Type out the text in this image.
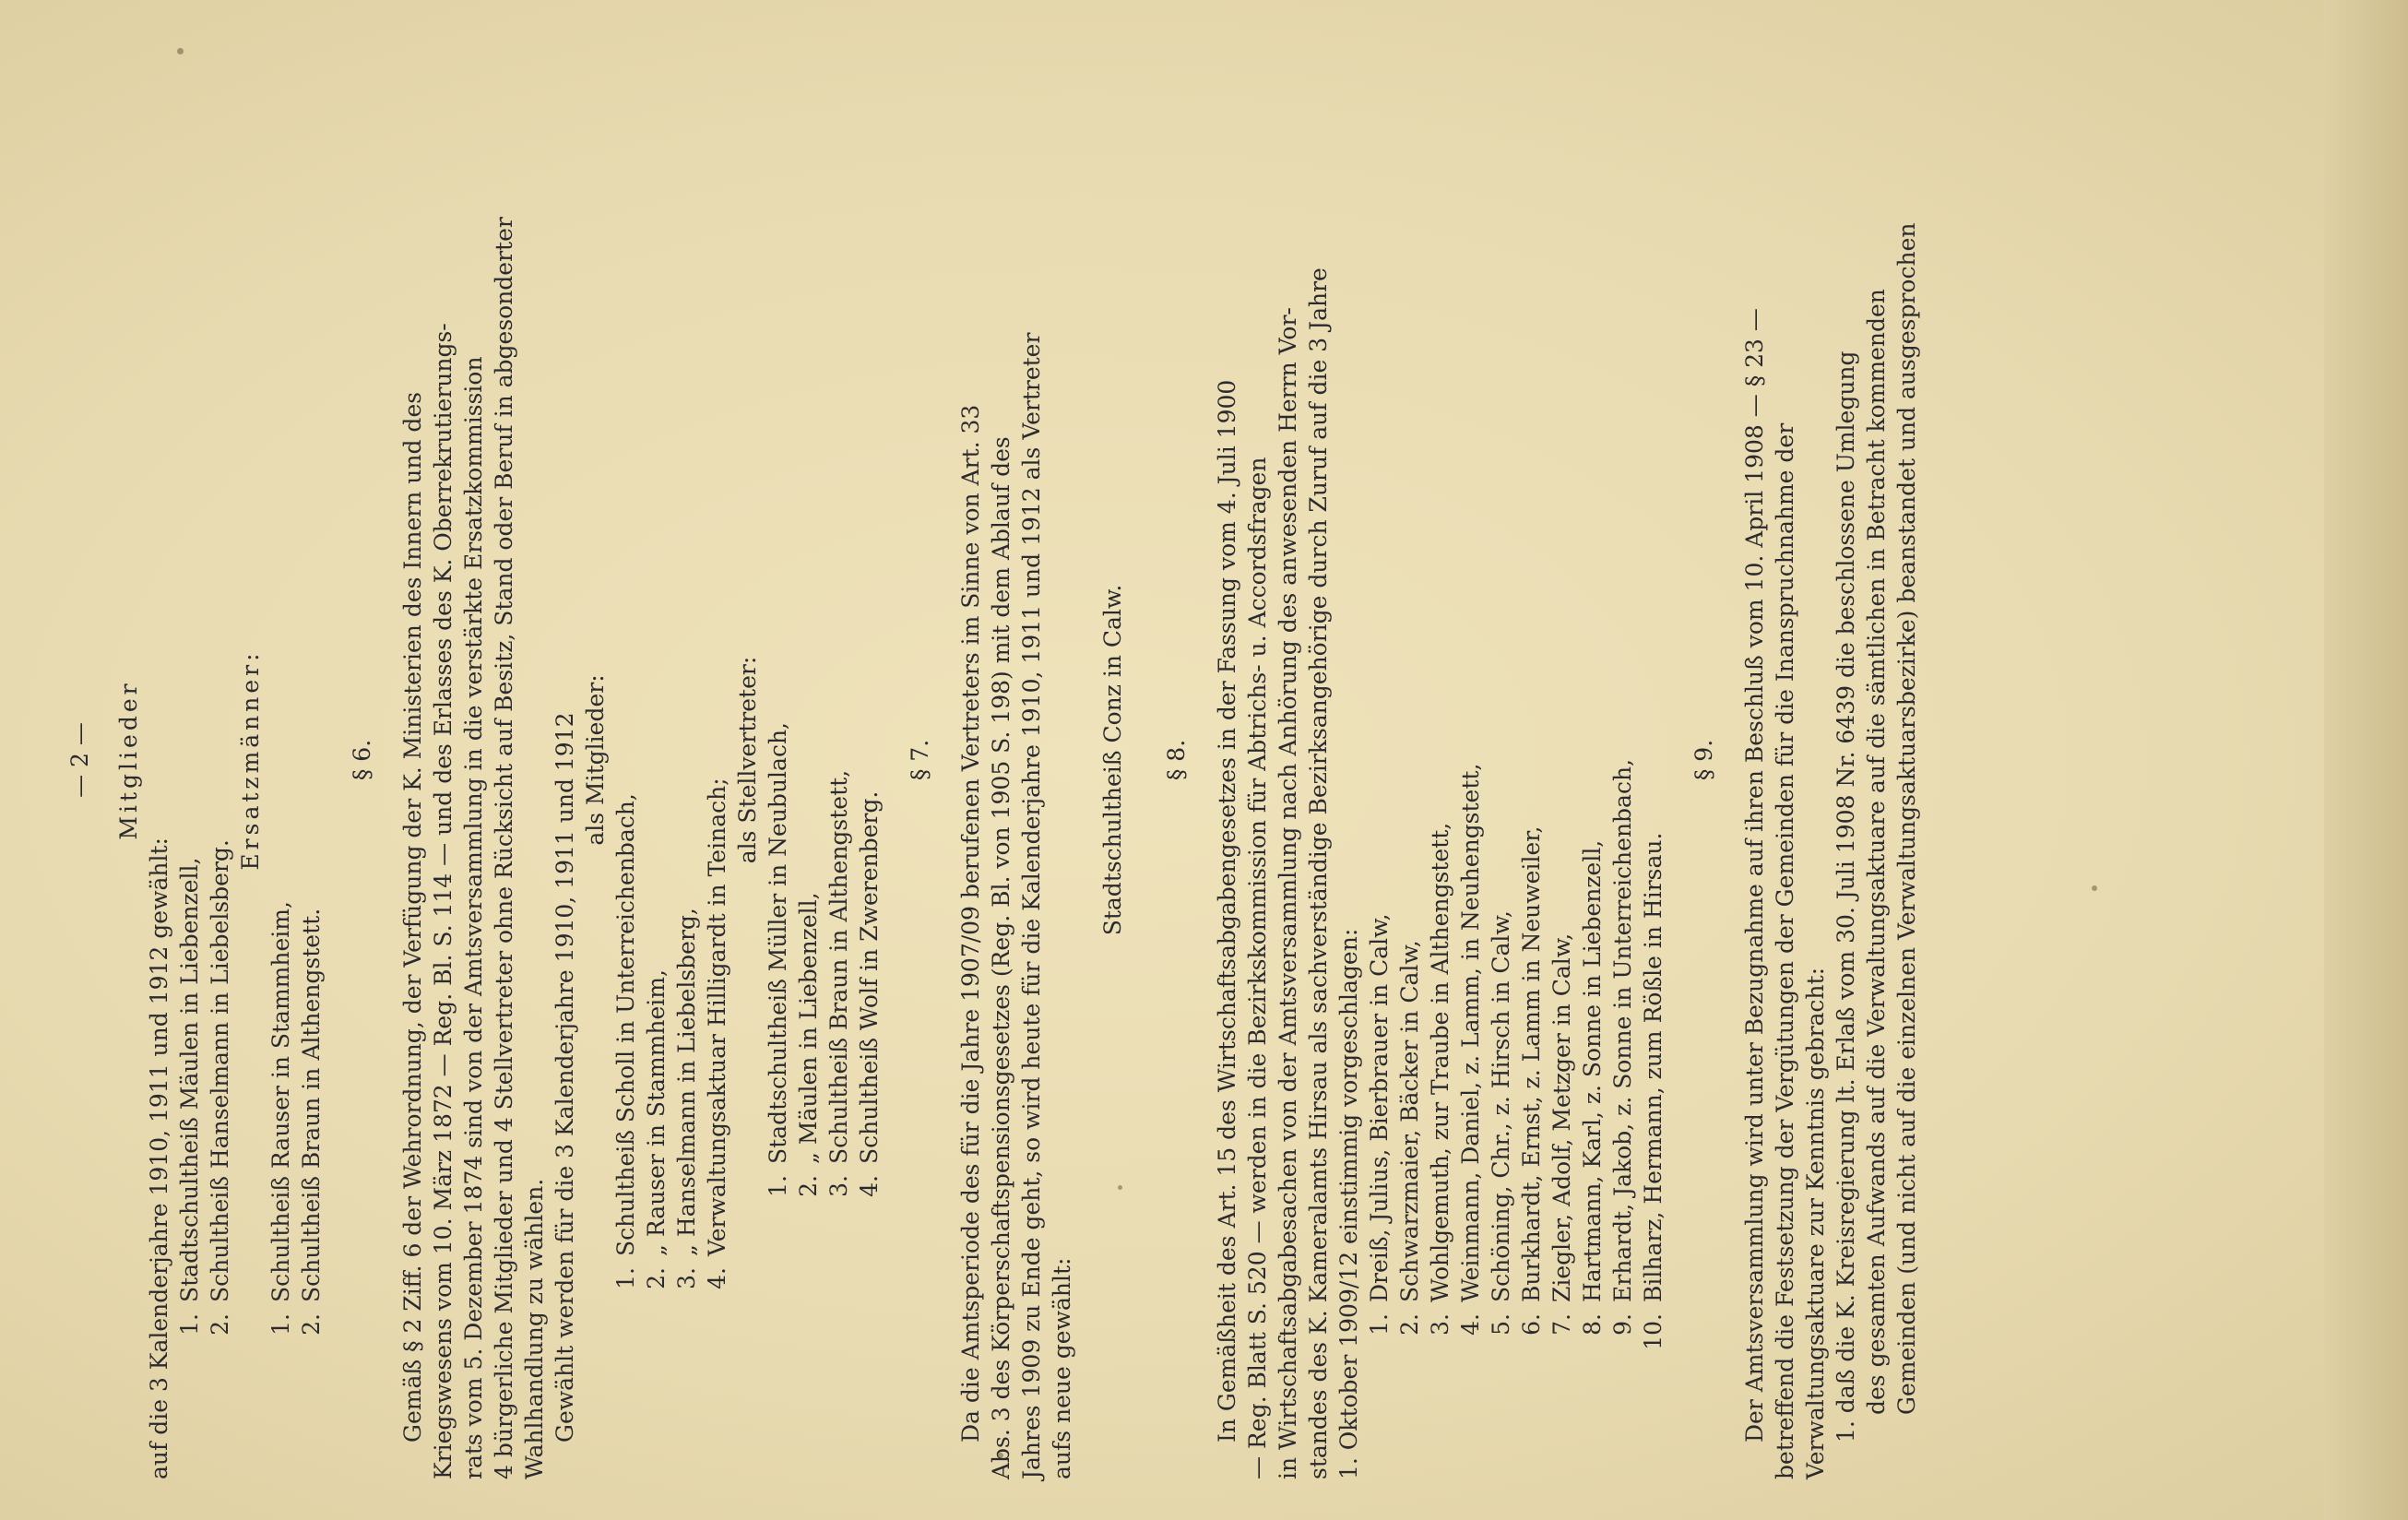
— 2 — Mitglieder
auf die 3 Kalenderjahre 1910, 1911 und 1912 gewählt: 1.Stadtschultheiß Mäulen in Liebenzell,
2.Schultheiß Hanselmann in Liebelsberg.
Ersatzmänner:
1.Schultheiß Rauser in Stammheim,
2.Schultheiß Braun in Althengstett.
§ 6. Gemäß § 2 Ziff. 6 der Wehrordnung, der Verfügung der K. Ministerien des Innern und des Kriegswesens vom 10. März 1872 — Reg. Bl. S. 114 — und des Erlasses des K. Oberrekrutierungs- rats vom 5. Dezember 1874 sind von der Amtsversammlung in die verstärkte Ersatzkommission 4 bürgerliche Mitglieder und 4 Stellvertreter ohne Rücksicht auf Besitz, Stand oder Beruf in abgesonderter Wahlhandlung zu wählen. Gewählt werden für die 3 Kalenderjahre 1910, 1911 und 1912 als Mitglieder:
1.Schultheiß Scholl in Unterreichenbach,
2.„ Rauser in Stammheim,
3.„ Hanselmann in Liebelsberg,
4.Verwaltungsaktuar Hilligardt in Teinach;
als Stellvertreter:
1.Stadtschultheiß Müller in Neubulach,
2.„ Mäulen in Liebenzell,
3.Schultheiß Braun in Althengstett,
4.Schultheiß Wolf in Zwerenberg.
§ 7. Da die Amtsperiode des für die Jahre 1907/09 berufenen Vertreters im Sinne von Art. 33 Abs. 3 des Körperschaftspensionsgesetzes (Reg. Bl. von 1905 S. 198) mit dem Ablauf des Jahres 1909 zu Ende geht, so wird heute für die Kalenderjahre 1910, 1911 und 1912 als Vertreter aufs neue gewählt:
Stadtschultheiß Conz in Calw. § 8. In Gemäßheit des Art. 15 des Wirtschaftsabgabengesetzes in der Fassung vom 4. Juli 1900 — Reg. Blatt S. 520 — werden in die Bezirkskommission für Abtrichs- u. Accordsfragen in Wirtschaftsabgabesachen von der Amtsversammlung nach Anhörung des anwesenden Herrn Vor- standes des K. Kameralamts Hirsau als sachverständige Bezirksangehörige durch Zuruf auf die 3 Jahre 1. Oktober 1909/12 einstimmig vorgeschlagen: 1.Dreiß, Julius, Bierbrauer in Calw,
2.Schwarzmaier, Bäcker in Calw,
3.Wohlgemuth, zur Traube in Althengstett,
4.Weinmann, Daniel, z. Lamm, in Neuhengstett,
5.Schöning, Chr., z. Hirsch in Calw,
6.Burkhardt, Ernst, z. Lamm in Neuweiler,
7.Ziegler, Adolf, Metzger in Calw,
8.Hartmann, Karl, z. Sonne in Liebenzell,
9.Erhardt, Jakob, z. Sonne in Unterreichenbach,
10.Bilharz, Hermann, zum Rößle in Hirsau.
§ 9. Der Amtsversammlung wird unter Bezugnahme auf ihren Beschluß vom 10. April 1908 — § 23 — betreffend die Festsetzung der Vergütungen der Gemeinden für die Inanspruchnahme der Verwaltungsaktuare zur Kenntnis gebracht: 1. daß die K. Kreisregierung lt. Erlaß vom 30. Juli 1908 Nr. 6439 die beschlossene Umlegung des gesamten Aufwands auf die Verwaltungsaktuare auf die sämtlichen in Betracht kommenden Gemeinden (und nicht auf die einzelnen Verwaltungsaktuarsbezirke) beanstandet und ausgesprochen
